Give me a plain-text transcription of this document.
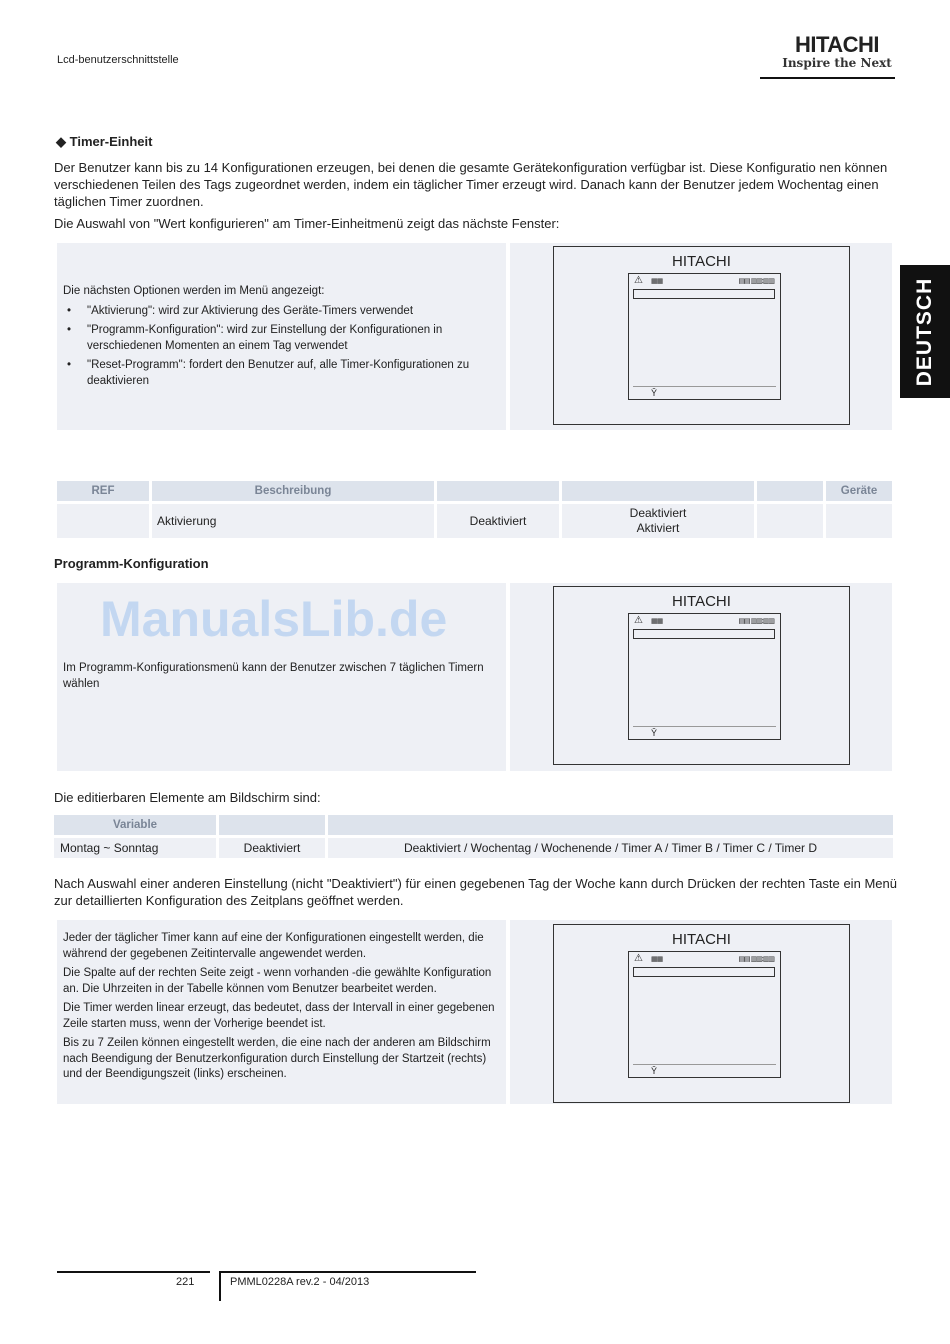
Lcd-benutzerschnittstelle
HITACHI
Inspire the Next
DEUTSCH
◆ Timer-Einheit
Der Benutzer kann bis zu 14 Konfigurationen erzeugen, bei denen die gesamte Gerätekonfiguration verfügbar ist. Diese Konfiguratio nen können verschiedenen Teilen des Tags zugeordnet werden, indem ein täglicher Timer erzeugt wird. Danach kann der Benutzer jedem Wochentag einen täglichen Timer zuordnen.
Die Auswahl von "Wert konfigurieren" am Timer-Einheitmenü zeigt das nächste Fenster:
Die nächsten Optionen werden im Menü angezeigt:
• "Aktivierung": wird zur Aktivierung des Geräte-Timers verwendet
• "Programm-Konfiguration": wird zur Einstellung der Konfigurationen in verschiedenen Momenten an einem Tag verwendet
• "Reset-Programm": fordert den Benutzer auf, alle Timer-Konfigurationen zu deaktivieren
HITACHI
⚠ ▦▦	▤▤ ▥▥:▥▥
Ŷ
REF	Beschreibung				Geräte
	Aktivierung	Deaktiviert	Deaktiviert
Aktiviert		

Programm-Konfiguration
Im Programm-Konfigurationsmenü kann der Benutzer zwischen 7 täglichen Timern wählen
HITACHI
⚠ ▦▦	▤▤ ▥▥:▥▥
Ŷ
ManualsLib.de
Die editierbaren Elemente am Bildschirm sind:
Variable		
Montag ~ Sonntag	Deaktiviert	Deaktiviert / Wochentag / Wochenende / Timer A / Timer B / Timer C / Timer D
Nach Auswahl einer anderen Einstellung (nicht "Deaktiviert") für einen gegebenen Tag der Woche kann durch Drücken der rechten Taste ein Menü zur detaillierten Konfiguration des Zeitplans geöffnet werden.

Jeder der täglicher Timer kann auf eine der Konfigurationen eingestellt werden, die während der gegebenen Zeitintervalle angewendet werden.

Die Spalte auf der rechten Seite zeigt - wenn vorhanden -die gewählte Konfiguration an. Die Uhrzeiten in der Tabelle können vom Benutzer bearbeitet werden.

Die Timer werden linear erzeugt, das bedeutet, dass der Intervall in einer gegebenen Zeile starten muss, wenn der Vorherige beendet ist.

Bis zu 7 Zeilen können eingestellt werden, die eine nach der anderen am Bildschirm nach Beendigung der Benutzerkonfiguration durch Einstellung der Startzeit (rechts) und der Beendigungszeit (links) erscheinen.

HITACHI
⚠ ▦▦	▤▤ ▥▥:▥▥
Ŷ
221	PMML0228A rev.2 - 04/2013
